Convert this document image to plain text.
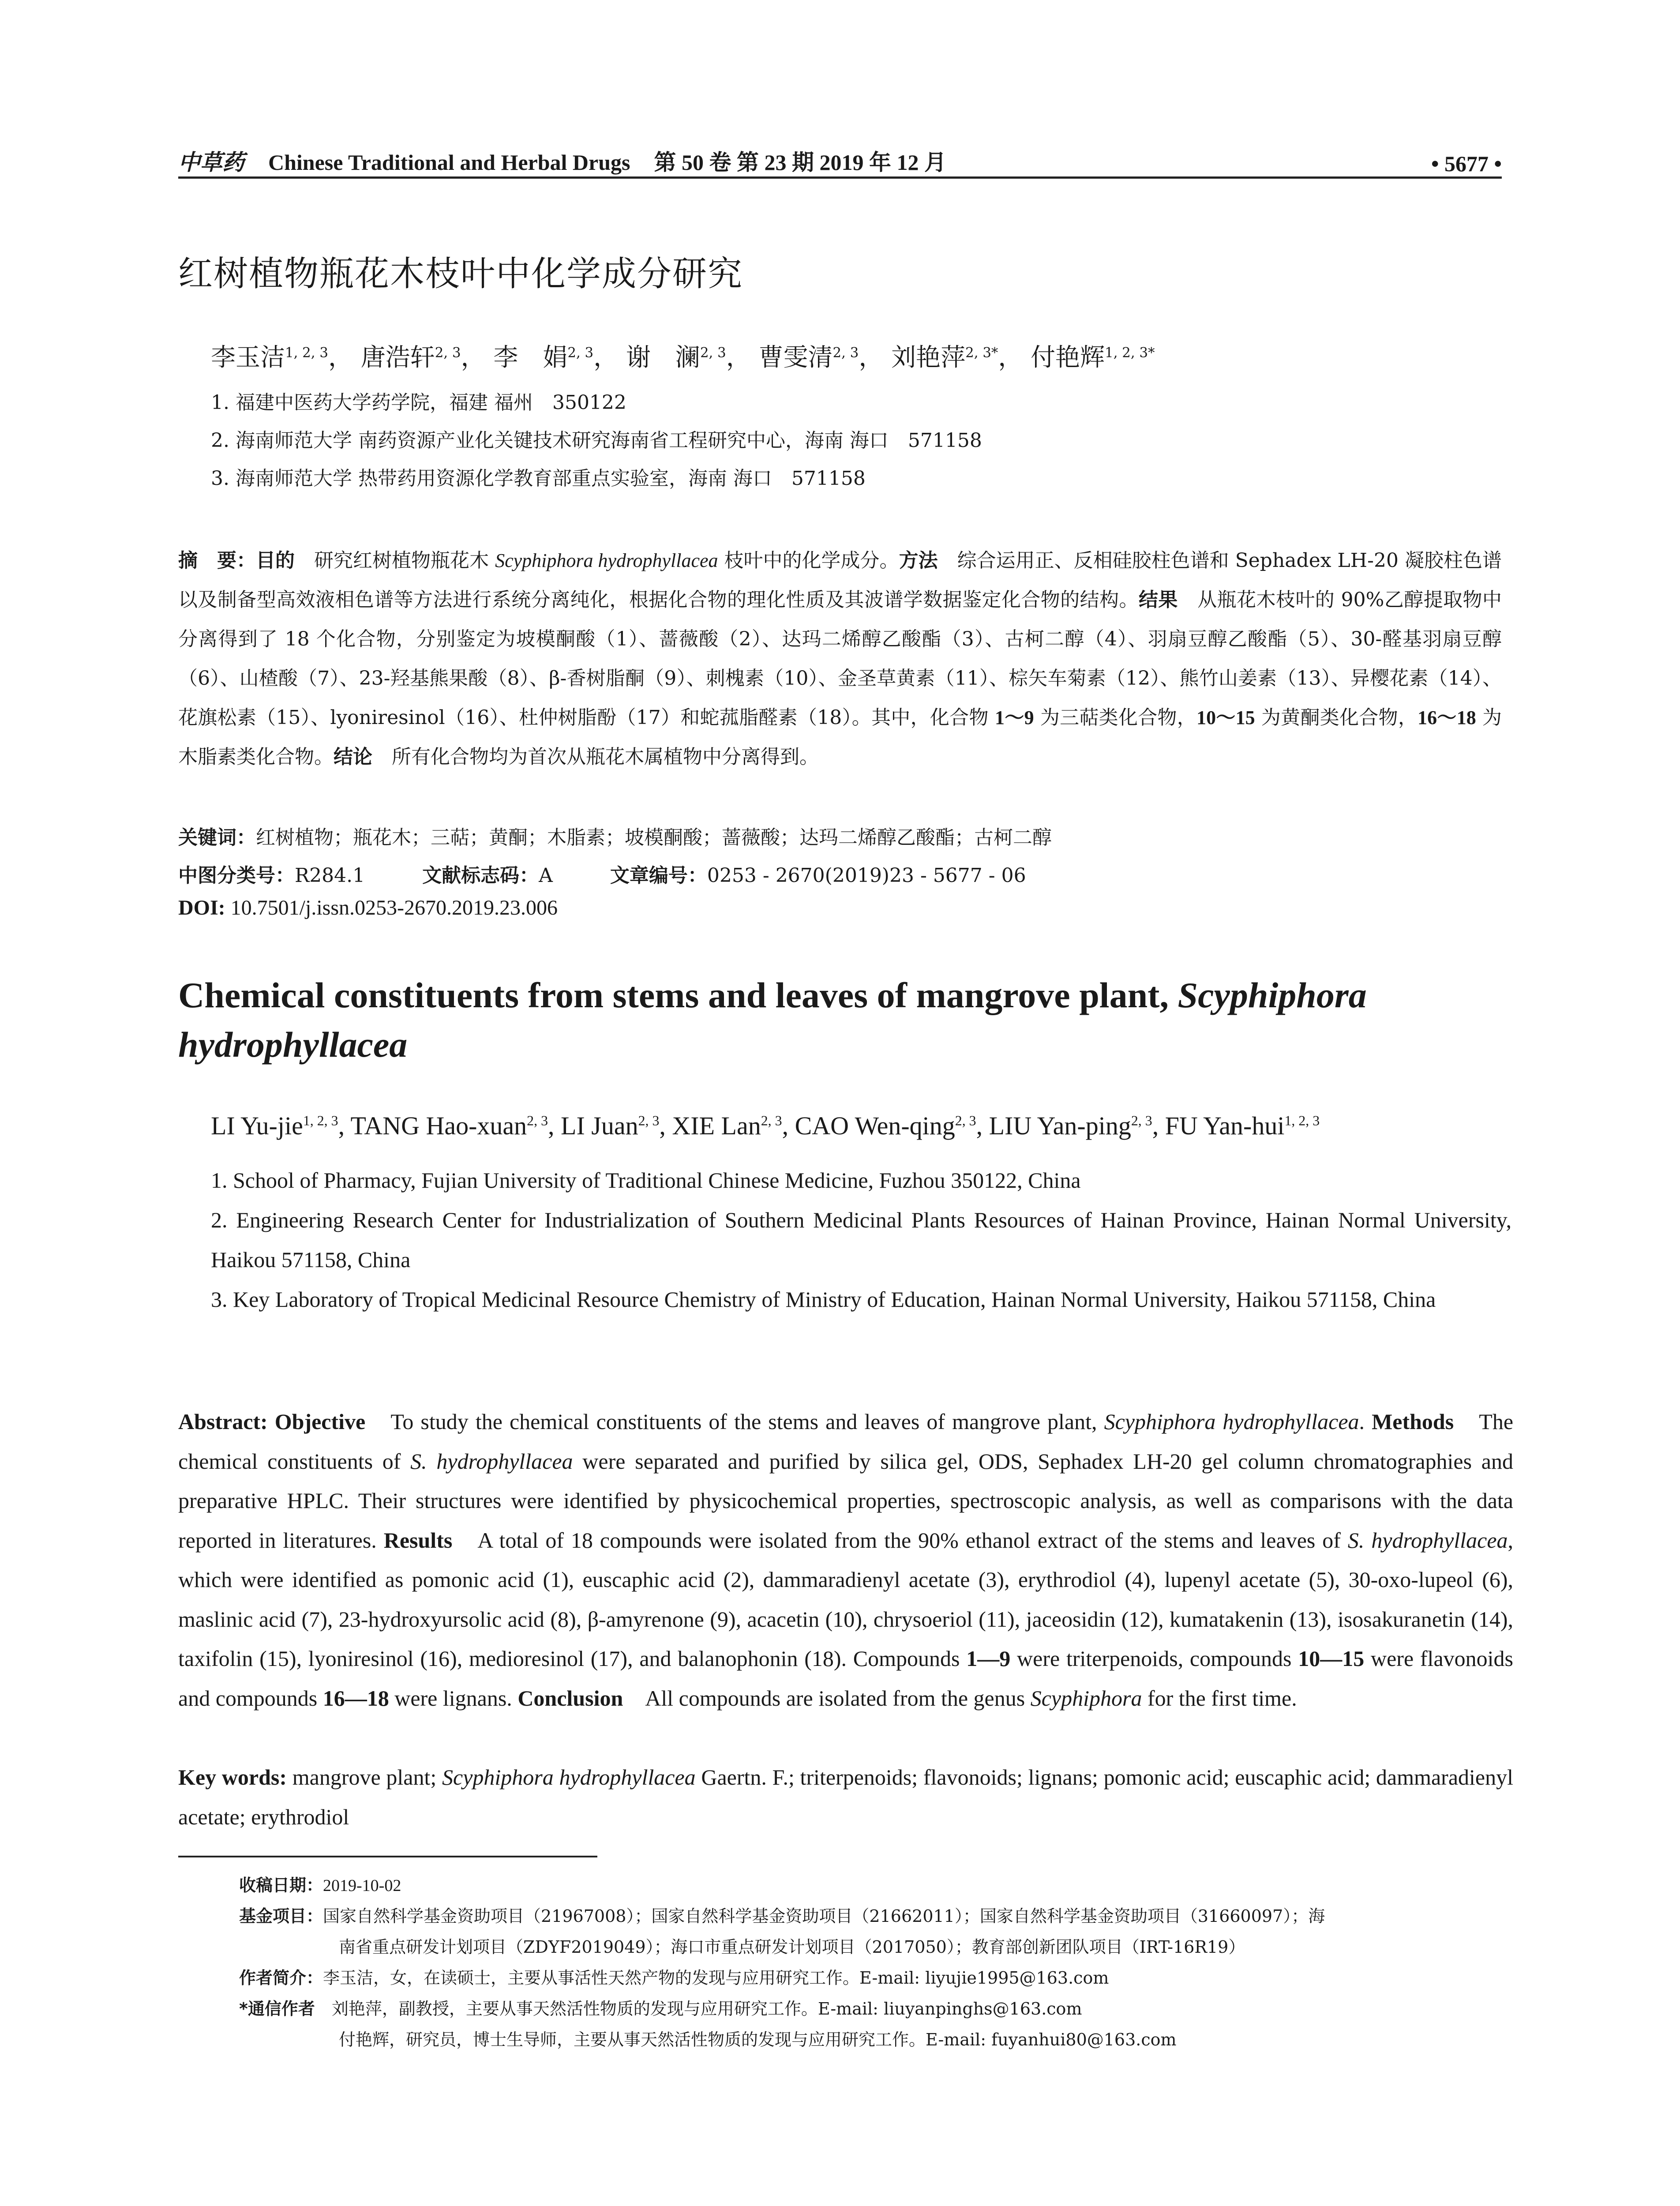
中草药 Chinese Traditional and Herbal Drugs 第 50 卷 第 23 期 2019 年 12 月	• 5677 •
红树植物瓶花木枝叶中化学成分研究
李玉洁$^{1, 2, 3}$， 唐浩轩$^{2, 3}$， 李　娟$^{2, 3}$， 谢　澜$^{2, 3}$， 曹雯清$^{2, 3}$， 刘艳萍$^{2, 3*}$， 付艳辉$^{1, 2, 3*}$
1. 福建中医药大学药学院，福建 福州　350122
2. 海南师范大学 南药资源产业化关键技术研究海南省工程研究中心，海南 海口　571158
3. 海南师范大学 热带药用资源化学教育部重点实验室，海南 海口　571158
摘　要：目的　研究红树植物瓶花木 Scyphiphora hydrophyllacea 枝叶中的化学成分。方法　综合运用正、反相硅胶柱色谱和 Sephadex LH-20 凝胶柱色谱以及制备型高效液相色谱等方法进行系统分离纯化，根据化合物的理化性质及其波谱学数据鉴定化合物的结构。结果　从瓶花木枝叶的 90%乙醇提取物中分离得到了 18 个化合物，分别鉴定为坡模酮酸（1）、蔷薇酸（2）、达玛二烯醇乙酸酯（3）、古柯二醇（4）、羽扇豆醇乙酸酯（5）、30-醛基羽扇豆醇（6）、山楂酸（7）、23-羟基熊果酸（8）、β-香树脂酮（9）、刺槐素（10）、金圣草黄素（11）、棕矢车菊素（12）、熊竹山姜素（13）、异樱花素（14）、花旗松素（15）、lyoniresinol（16）、杜仲树脂酚（17）和蛇菰脂醛素（18）。其中，化合物 1～9 为三萜类化合物，10～15 为黄酮类化合物，16～18 为木脂素类化合物。结论　所有化合物均为首次从瓶花木属植物中分离得到。
关键词：红树植物；瓶花木；三萜；黄酮；木脂素；坡模酮酸；蔷薇酸；达玛二烯醇乙酸酯；古柯二醇
中图分类号：R284.1	文献标志码：A	文章编号：0253 - 2670(2019)23 - 5677 - 06
DOI: 10.7501/j.issn.0253-2670.2019.23.006
Chemical constituents from stems and leaves of mangrove plant, Scyphiphora hydrophyllacea
LI Yu-jie$^{1, 2, 3}$, TANG Hao-xuan$^{2, 3}$, LI Juan$^{2, 3}$, XIE Lan$^{2, 3}$, CAO Wen-qing$^{2, 3}$, LIU Yan-ping$^{2, 3}$, FU Yan-hui$^{1, 2, 3}$
1. School of Pharmacy, Fujian University of Traditional Chinese Medicine, Fuzhou 350122, China
2. Engineering Research Center for Industrialization of Southern Medicinal Plants Resources of Hainan Province, Hainan Normal University, Haikou 571158, China
3. Key Laboratory of Tropical Medicinal Resource Chemistry of Ministry of Education, Hainan Normal University, Haikou 571158, China
Abstract: Objective　To study the chemical constituents of the stems and leaves of mangrove plant, Scyphiphora hydrophyllacea. Methods　The chemical constituents of S. hydrophyllacea were separated and purified by silica gel, ODS, Sephadex LH-20 gel column chromatographies and preparative HPLC. Their structures were identified by physicochemical properties, spectroscopic analysis, as well as comparisons with the data reported in literatures. Results　A total of 18 compounds were isolated from the 90% ethanol extract of the stems and leaves of S. hydrophyllacea, which were identified as pomonic acid (1), euscaphic acid (2), dammaradienyl acetate (3), erythrodiol (4), lupenyl acetate (5), 30-oxo-lupeol (6), maslinic acid (7), 23-hydroxyursolic acid (8), β-amyrenone (9), acacetin (10), chrysoeriol (11), jaceosidin (12), kumatakenin (13), isosakuranetin (14), taxifolin (15), lyoniresinol (16), medioresinol (17), and balanophonin (18). Compounds 1—9 were triterpenoids, compounds 10—15 were flavonoids and compounds 16—18 were lignans. Conclusion　All compounds are isolated from the genus Scyphiphora for the first time.
Key words: mangrove plant; Scyphiphora hydrophyllacea Gaertn. F.; triterpenoids; flavonoids; lignans; pomonic acid; euscaphic acid; dammaradienyl acetate; erythrodiol
收稿日期：2019-10-02
基金项目：国家自然科学基金资助项目（21967008）；国家自然科学基金资助项目（21662011）；国家自然科学基金资助项目（31660097）；海
南省重点研发计划项目（ZDYF2019049）；海口市重点研发计划项目（2017050）；教育部创新团队项目（IRT-16R19）
作者简介：李玉洁，女，在读硕士，主要从事活性天然产物的发现与应用研究工作。E-mail: liyujie1995@163.com
*通信作者　刘艳萍，副教授，主要从事天然活性物质的发现与应用研究工作。E-mail: liuyanpinghs@163.com
付艳辉，研究员，博士生导师，主要从事天然活性物质的发现与应用研究工作。E-mail: fuyanhui80@163.com
